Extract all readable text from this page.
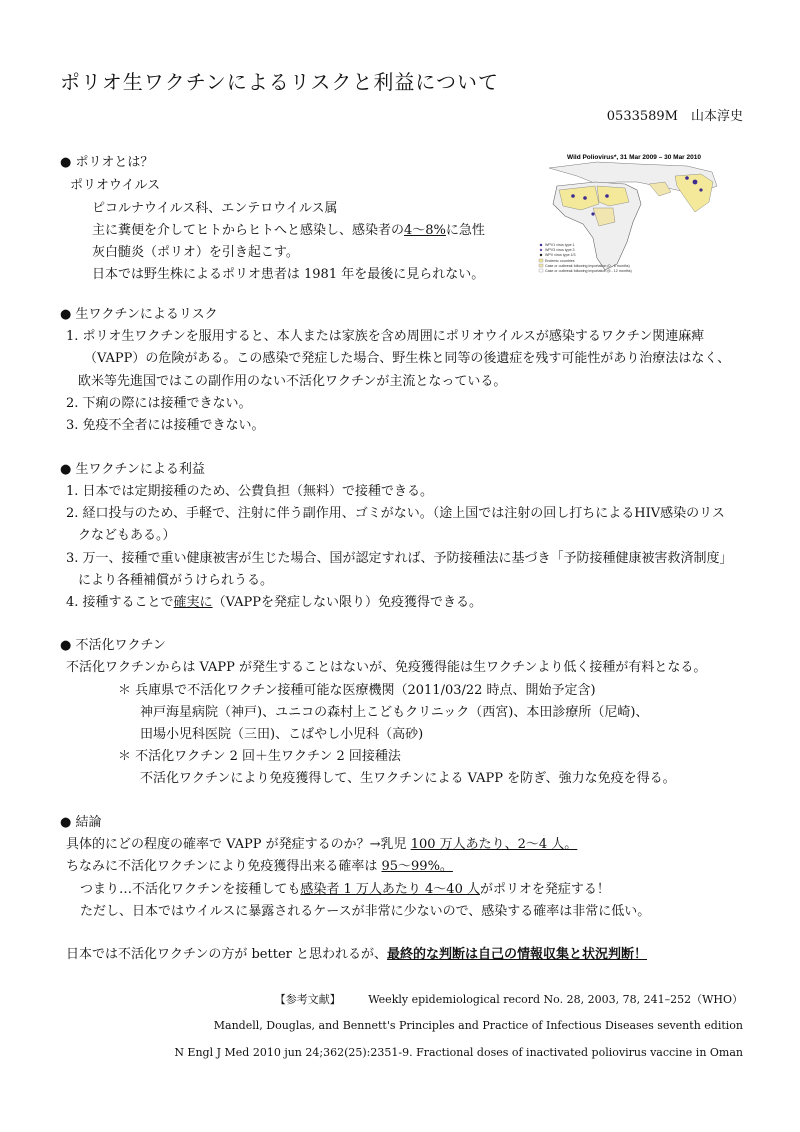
ポリオ生ワクチンによるリスクと利益について
0533589M　山本淳史
● ポリオとは？
ポリオウイルス
ピコルナウイルス科、エンテロウイルス属
主に糞便を介してヒトからヒトへと感染し、感染者の4〜8%に急性
灰白髄炎（ポリオ）を引き起こす。
日本では野生株によるポリオ患者は 1981 年を最後に見られない。
Wild Poliovirus*, 31 Mar 2009 – 30 Mar 2010
WPV1 virus type 1
WPV3 virus type 3
WPV virus type 1/3
Endemic countries
Case or outbreak following importation (0 - 6 months)
Case or outbreak following importation (6 - 12 months)
● 生ワクチンによるリスク
1. ポリオ生ワクチンを服用すると、本人または家族を含め周囲にポリオウイルスが感染するワクチン関連麻痺
（VAPP）の危険がある。この感染で発症した場合、野生株と同等の後遺症を残す可能性があり治療法はなく、
欧米等先進国ではこの副作用のない不活化ワクチンが主流となっている。
2. 下痢の際には接種できない。
3. 免疫不全者には接種できない。
● 生ワクチンによる利益
1. 日本では定期接種のため、公費負担（無料）で接種できる。
2. 経口投与のため、手軽で、注射に伴う副作用、ゴミがない。（途上国では注射の回し打ちによるHIV感染のリス
クなどもある。）
3. 万一、接種で重い健康被害が生じた場合、国が認定すれば、予防接種法に基づき「予防接種健康被害救済制度」
により各種補償がうけられうる。
4. 接種することで確実に（VAPPを発症しない限り）免疫獲得できる。
● 不活化ワクチン
不活化ワクチンからは VAPP が発生することはないが、免疫獲得能は生ワクチンより低く接種が有料となる。
＊ 兵庫県で不活化ワクチン接種可能な医療機関（2011/03/22 時点、開始予定含)
神戸海星病院（神戸)、ユニコの森村上こどもクリニック（西宮)、本田診療所（尼崎)、
田場小児科医院（三田)、こばやし小児科（高砂)
＊ 不活化ワクチン 2 回＋生ワクチン 2 回接種法
不活化ワクチンにより免疫獲得して、生ワクチンによる VAPP を防ぎ、強力な免疫を得る。
● 結論
具体的にどの程度の確率で VAPP が発症するのか？→乳児 100 万人あたり、2〜4 人。
ちなみに不活化ワクチンにより免疫獲得出来る確率は 95〜99%。
つまり…不活化ワクチンを接種しても感染者 1 万人あたり 4〜40 人がポリオを発症する！
ただし、日本ではウイルスに暴露されるケースが非常に少ないので、感染する確率は非常に低い。
日本では不活化ワクチンの方が better と思われるが、最終的な判断は自己の情報収集と状況判断！
【参考文献】　　　Weekly epidemiological record No. 28, 2003, 78, 241–252（WHO）
Mandell, Douglas, and Bennett's Principles and Practice of Infectious Diseases seventh edition
N Engl J Med 2010 jun 24;362(25):2351-9. Fractional doses of inactivated poliovirus vaccine in Oman
